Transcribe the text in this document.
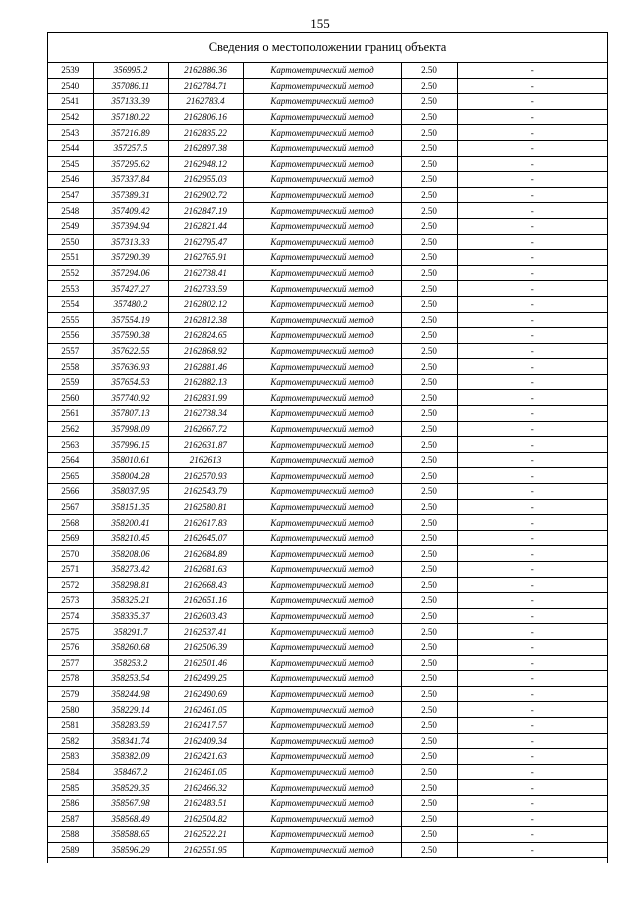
155
Сведения о местоположении границ объекта
2539	356995.2	2162886.36	Картометрический метод	2.50	-
2540	357086.11	2162784.71	Картометрический метод	2.50	-
2541	357133.39	2162783.4	Картометрический метод	2.50	-
2542	357180.22	2162806.16	Картометрический метод	2.50	-
2543	357216.89	2162835.22	Картометрический метод	2.50	-
2544	357257.5	2162897.38	Картометрический метод	2.50	-
2545	357295.62	2162948.12	Картометрический метод	2.50	-
2546	357337.84	2162955.03	Картометрический метод	2.50	-
2547	357389.31	2162902.72	Картометрический метод	2.50	-
2548	357409.42	2162847.19	Картометрический метод	2.50	-
2549	357394.94	2162821.44	Картометрический метод	2.50	-
2550	357313.33	2162795.47	Картометрический метод	2.50	-
2551	357290.39	2162765.91	Картометрический метод	2.50	-
2552	357294.06	2162738.41	Картометрический метод	2.50	-
2553	357427.27	2162733.59	Картометрический метод	2.50	-
2554	357480.2	2162802.12	Картометрический метод	2.50	-
2555	357554.19	2162812.38	Картометрический метод	2.50	-
2556	357590.38	2162824.65	Картометрический метод	2.50	-
2557	357622.55	2162868.92	Картометрический метод	2.50	-
2558	357636.93	2162881.46	Картометрический метод	2.50	-
2559	357654.53	2162882.13	Картометрический метод	2.50	-
2560	357740.92	2162831.99	Картометрический метод	2.50	-
2561	357807.13	2162738.34	Картометрический метод	2.50	-
2562	357998.09	2162667.72	Картометрический метод	2.50	-
2563	357996.15	2162631.87	Картометрический метод	2.50	-
2564	358010.61	2162613	Картометрический метод	2.50	-
2565	358004.28	2162570.93	Картометрический метод	2.50	-
2566	358037.95	2162543.79	Картометрический метод	2.50	-
2567	358151.35	2162580.81	Картометрический метод	2.50	-
2568	358200.41	2162617.83	Картометрический метод	2.50	-
2569	358210.45	2162645.07	Картометрический метод	2.50	-
2570	358208.06	2162684.89	Картометрический метод	2.50	-
2571	358273.42	2162681.63	Картометрический метод	2.50	-
2572	358298.81	2162668.43	Картометрический метод	2.50	-
2573	358325.21	2162651.16	Картометрический метод	2.50	-
2574	358335.37	2162603.43	Картометрический метод	2.50	-
2575	358291.7	2162537.41	Картометрический метод	2.50	-
2576	358260.68	2162506.39	Картометрический метод	2.50	-
2577	358253.2	2162501.46	Картометрический метод	2.50	-
2578	358253.54	2162499.25	Картометрический метод	2.50	-
2579	358244.98	2162490.69	Картометрический метод	2.50	-
2580	358229.14	2162461.05	Картометрический метод	2.50	-
2581	358283.59	2162417.57	Картометрический метод	2.50	-
2582	358341.74	2162409.34	Картометрический метод	2.50	-
2583	358382.09	2162421.63	Картометрический метод	2.50	-
2584	358467.2	2162461.05	Картометрический метод	2.50	-
2585	358529.35	2162466.32	Картометрический метод	2.50	-
2586	358567.98	2162483.51	Картометрический метод	2.50	-
2587	358568.49	2162504.82	Картометрический метод	2.50	-
2588	358588.65	2162522.21	Картометрический метод	2.50	-
2589	358596.29	2162551.95	Картометрический метод	2.50	-
